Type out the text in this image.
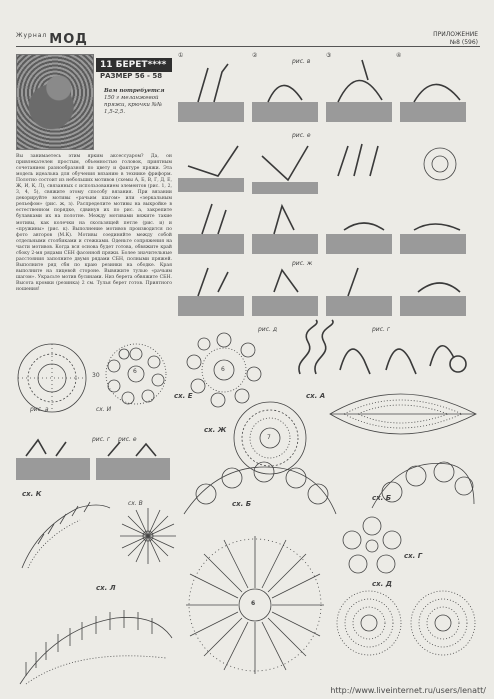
$^{Журнал}$ МОД	ПРИЛОЖЕНИЕ
№8 (596)
11 БЕРЕТ****
РАЗМЕР 56 - 58
Вам потребуется
150 г меланжевой пряжи, крючки №№ 1,5-2,5.
Вы занимаетесь этим ярким аксессуаром? Да, он привлекателен простым, объемностью головок, приятным сочетанием разнообразной по цвету и фактуре пряжи. Эта модель идеальна для обучения вязанию в технике фриформ. Полотно состоит из небольших мотивов (схемы А, Б, В, Г, Д, Е, Ж, И, К, Л), связанных с использованием элементов (рис. 1, 2, 3, 4, 5), свяжите этому способу вязания. При вязании декорируйте мотивы «рачьим шагом» или «зеркальным рельефом» (рис. ж, з). Распределите мотивы на выкройке в естественном порядке, сдвинув их по рис. а, закрепите булавками их на полотне. Между мотивами вяжите такие мотивы, как колечки на скользящей петле (рис. и) и «пружины» (рис. к). Выполнение мотивов производится по фото авторов (М.К). Мотивы соединяйте между собой отдельными столбиками и стежками. Оденьте сопряжения на части мотивов. Когда вся основа будет готова, обвяжите край сбоку 2-мя рядами СБН фасонной пряжи. Более значительные расстояния заполните двумя рядами СБН, полными пряжей. Выполните ряд сбн по краю резинки на ободке. Края выполните на лицевой стороне. Вывяжите тулью «рачьим шагом». Украсьте мотив бусинами. Низ берета обвяжите СБН. Высота кромки (резинка) 2 см. Тулья берет готов. Приятного ношения!
30
рис. а
6
сх. И
рис. г рис. е
сх. К
сх. В
сх. Л
①	②	③	④
рис. в
рис. е
рис. ж
рис. д	рис. г
6
сх. Е	сх. А
7
сх. Ж
сх. Б
сх. Б
сх. Г
6
сх. Д
http://www.liveinternet.ru/users/lenatt/
